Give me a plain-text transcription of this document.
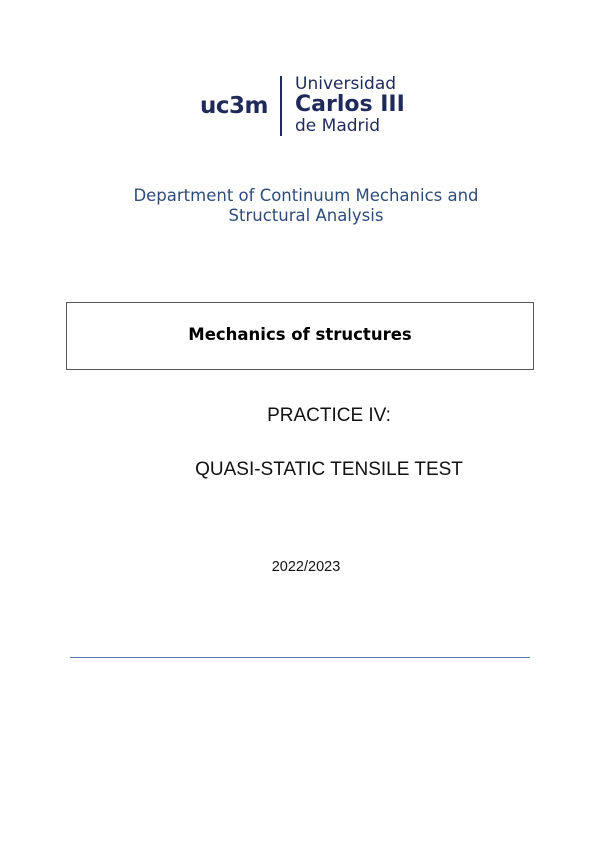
uc3m
Universidad
Carlos III
de Madrid
Department of Continuum Mechanics and
Structural Analysis
Mechanics of structures
PRACTICE IV:
QUASI-STATIC TENSILE TEST
2022/2023
